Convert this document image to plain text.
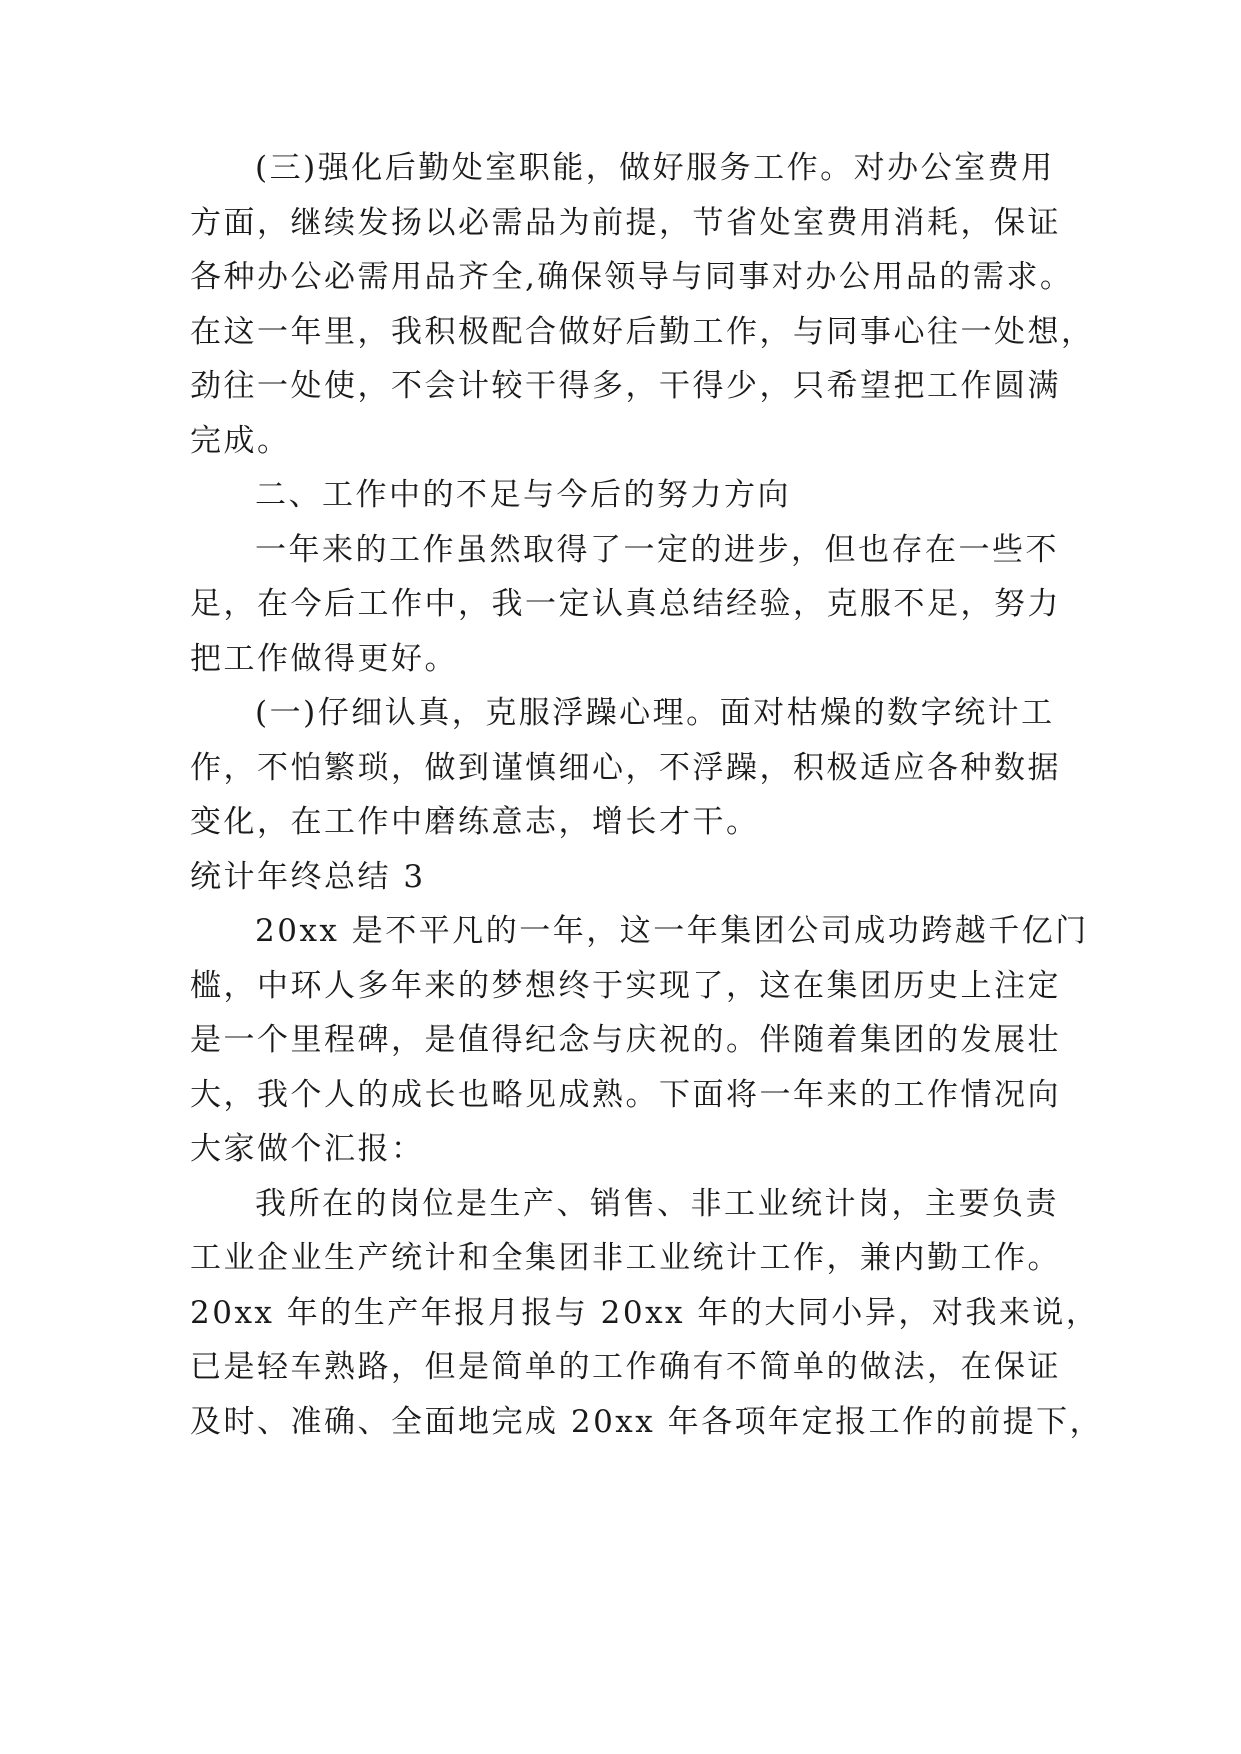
(三)强化后勤处室职能，做好服务工作。对办公室费用

方面，继续发扬以必需品为前提，节省处室费用消耗，保证

各种办公必需用品齐全,确保领导与同事对办公用品的需求。

在这一年里，我积极配合做好后勤工作，与同事心往一处想，

劲往一处使，不会计较干得多，干得少，只希望把工作圆满

完成。

二、工作中的不足与今后的努力方向

一年来的工作虽然取得了一定的进步，但也存在一些不

足，在今后工作中，我一定认真总结经验，克服不足，努力

把工作做得更好。

(一)仔细认真，克服浮躁心理。面对枯燥的数字统计工

作，不怕繁琐，做到谨慎细心，不浮躁，积极适应各种数据

变化，在工作中磨练意志，增长才干。

统计年终总结 3

20xx 是不平凡的一年，这一年集团公司成功跨越千亿门

槛，中环人多年来的梦想终于实现了，这在集团历史上注定

是一个里程碑，是值得纪念与庆祝的。伴随着集团的发展壮

大，我个人的成长也略见成熟。下面将一年来的工作情况向

大家做个汇报：

我所在的岗位是生产、销售、非工业统计岗，主要负责

工业企业生产统计和全集团非工业统计工作，兼内勤工作。

20xx 年的生产年报月报与 20xx 年的大同小异，对我来说，

已是轻车熟路，但是简单的工作确有不简单的做法，在保证

及时、准确、全面地完成 20xx 年各项年定报工作的前提下，
